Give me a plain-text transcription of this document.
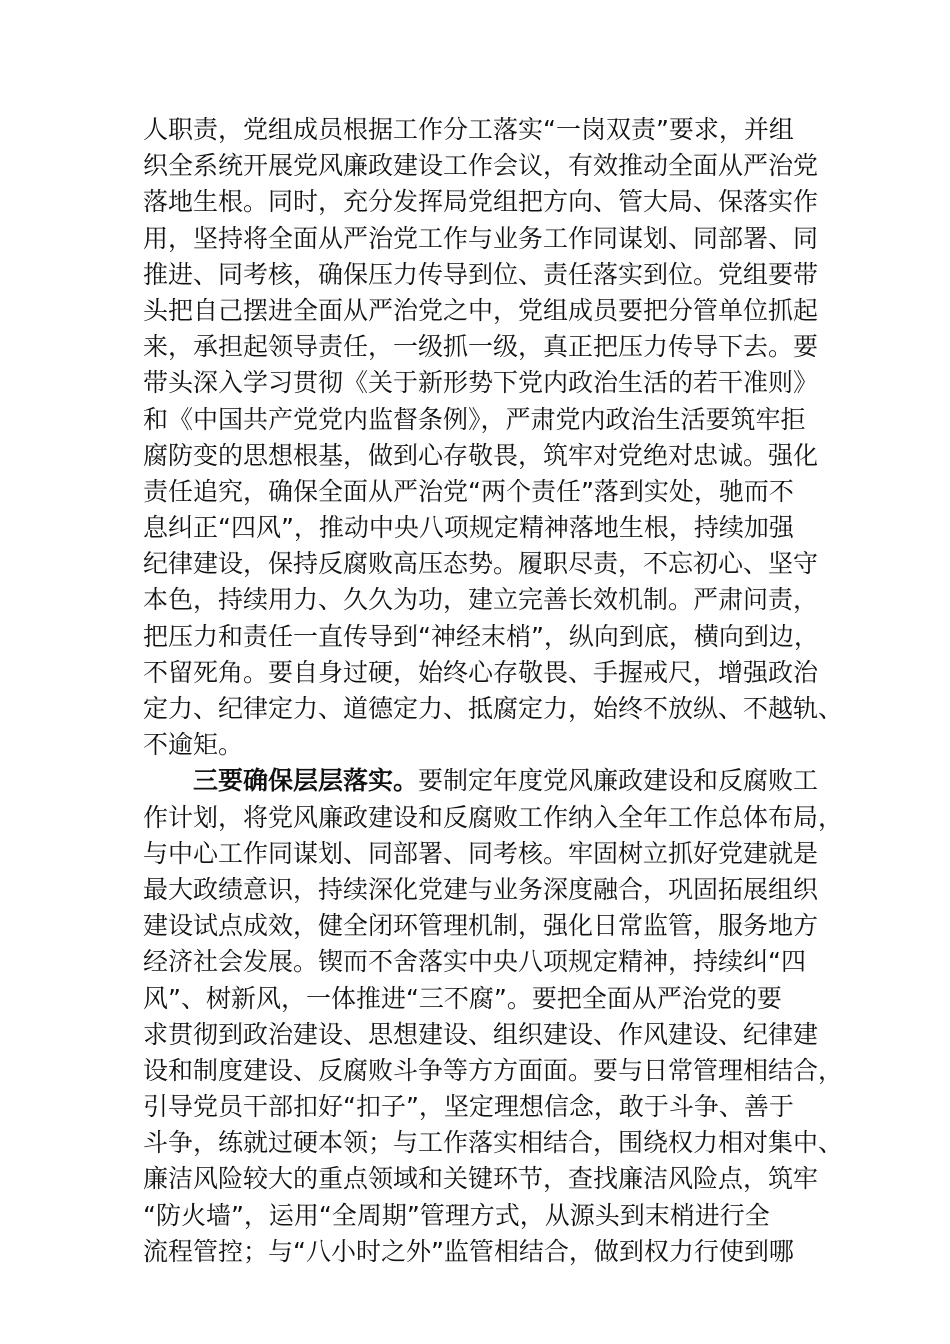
人职责，党组成员根据工作分工落实“一岗双责”要求，并组
织全系统开展党风廉政建设工作会议，有效推动全面从严治党
落地生根。同时，充分发挥局党组把方向、管大局、保落实作
用，坚持将全面从严治党工作与业务工作同谋划、同部署、同
推进、同考核，确保压力传导到位、责任落实到位。党组要带
头把自己摆进全面从严治党之中，党组成员要把分管单位抓起
来，承担起领导责任，一级抓一级，真正把压力传导下去。要
带头深入学习贯彻《关于新形势下党内政治生活的若干准则》
和《中国共产党党内监督条例》，严肃党内政治生活要筑牢拒
腐防变的思想根基，做到心存敬畏，筑牢对党绝对忠诚。强化
责任追究，确保全面从严治党“两个责任”落到实处，驰而不
息纠正“四风”，推动中央八项规定精神落地生根，持续加强
纪律建设，保持反腐败高压态势。履职尽责，不忘初心、坚守
本色，持续用力、久久为功，建立完善长效机制。严肃问责，
把压力和责任一直传导到“神经末梢”，纵向到底，横向到边，
不留死角。要自身过硬，始终心存敬畏、手握戒尺，增强政治
定力、纪律定力、道德定力、抵腐定力，始终不放纵、不越轨、
不逾矩。
三要确保层层落实。要制定年度党风廉政建设和反腐败工
作计划，将党风廉政建设和反腐败工作纳入全年工作总体布局，
与中心工作同谋划、同部署、同考核。牢固树立抓好党建就是
最大政绩意识，持续深化党建与业务深度融合，巩固拓展组织
建设试点成效，健全闭环管理机制，强化日常监管，服务地方
经济社会发展。锲而不舍落实中央八项规定精神，持续纠“四
风”、树新风，一体推进“三不腐”。要把全面从严治党的要
求贯彻到政治建设、思想建设、组织建设、作风建设、纪律建
设和制度建设、反腐败斗争等方方面面。要与日常管理相结合，
引导党员干部扣好“扣子”，坚定理想信念，敢于斗争、善于
斗争，练就过硬本领；与工作落实相结合，围绕权力相对集中、
廉洁风险较大的重点领域和关键环节，查找廉洁风险点，筑牢
“防火墙”，运用“全周期”管理方式，从源头到末梢进行全
流程管控；与“八小时之外”监管相结合，做到权力行使到哪
